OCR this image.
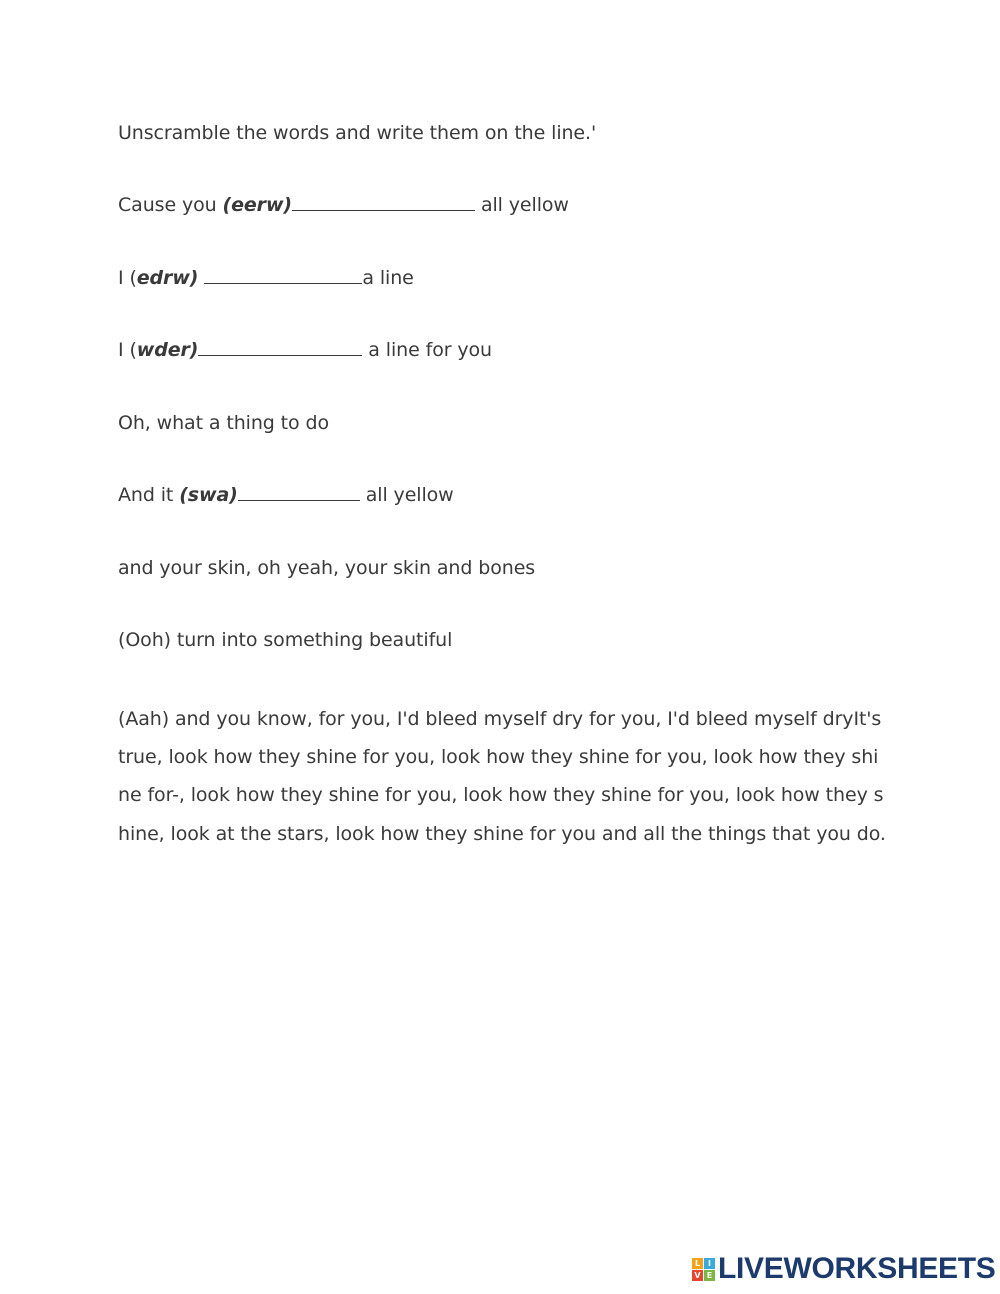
Unscramble the words and write them on the line.'
Cause you (eerw)	all yellow
I (edrw)	a line
I (wder)	a line for you
Oh, what a thing to do
And it (swa)	all yellow
and your skin, oh yeah, your skin and bones
(Ooh) turn into something beautiful
(Aah) and you know, for you, I'd bleed myself dry for you, I'd bleed myself dryIt's true, look how they shine for you, look how they shine for you, look how they shine for-, look how they shine for you, look how they shine for you, look how they shine, look at the stars, look how they shine for you and all the things that you do.
L I
V E LIVEWORKSHEETS
